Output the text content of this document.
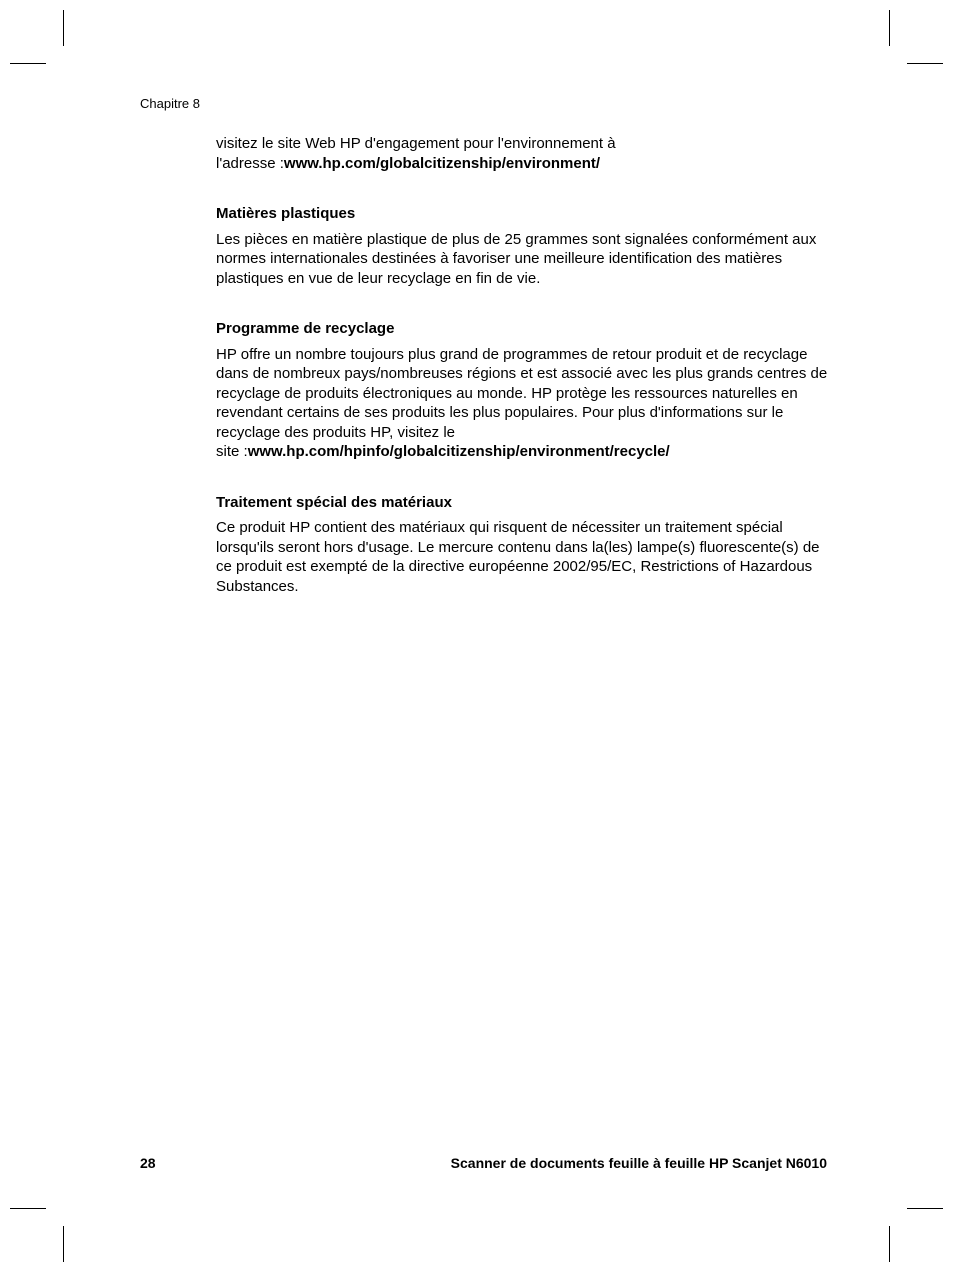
Chapitre 8

visitez le site Web HP d'engagement pour l'environnement à
l'adresse :www.hp.com/globalcitizenship/environment/

Matières plastiques

Les pièces en matière plastique de plus de 25 grammes sont signalées conformément aux normes internationales destinées à favoriser une meilleure identification des matières plastiques en vue de leur recyclage en fin de vie.

Programme de recyclage

HP offre un nombre toujours plus grand de programmes de retour produit et de recyclage dans de nombreux pays/nombreuses régions et est associé avec les plus grands centres de recyclage de produits électroniques au monde. HP protège les ressources naturelles en revendant certains de ses produits les plus populaires. Pour plus d'informations sur le recyclage des produits HP, visitez le
site :www.hp.com/hpinfo/globalcitizenship/environment/recycle/

Traitement spécial des matériaux

Ce produit HP contient des matériaux qui risquent de nécessiter un traitement spécial lorsqu'ils seront hors d'usage. Le mercure contenu dans la(les) lampe(s) fluorescente(s) de ce produit est exempté de la directive européenne 2002/95/EC, Restrictions of Hazardous Substances.

28	Scanner de documents feuille à feuille HP Scanjet N6010
